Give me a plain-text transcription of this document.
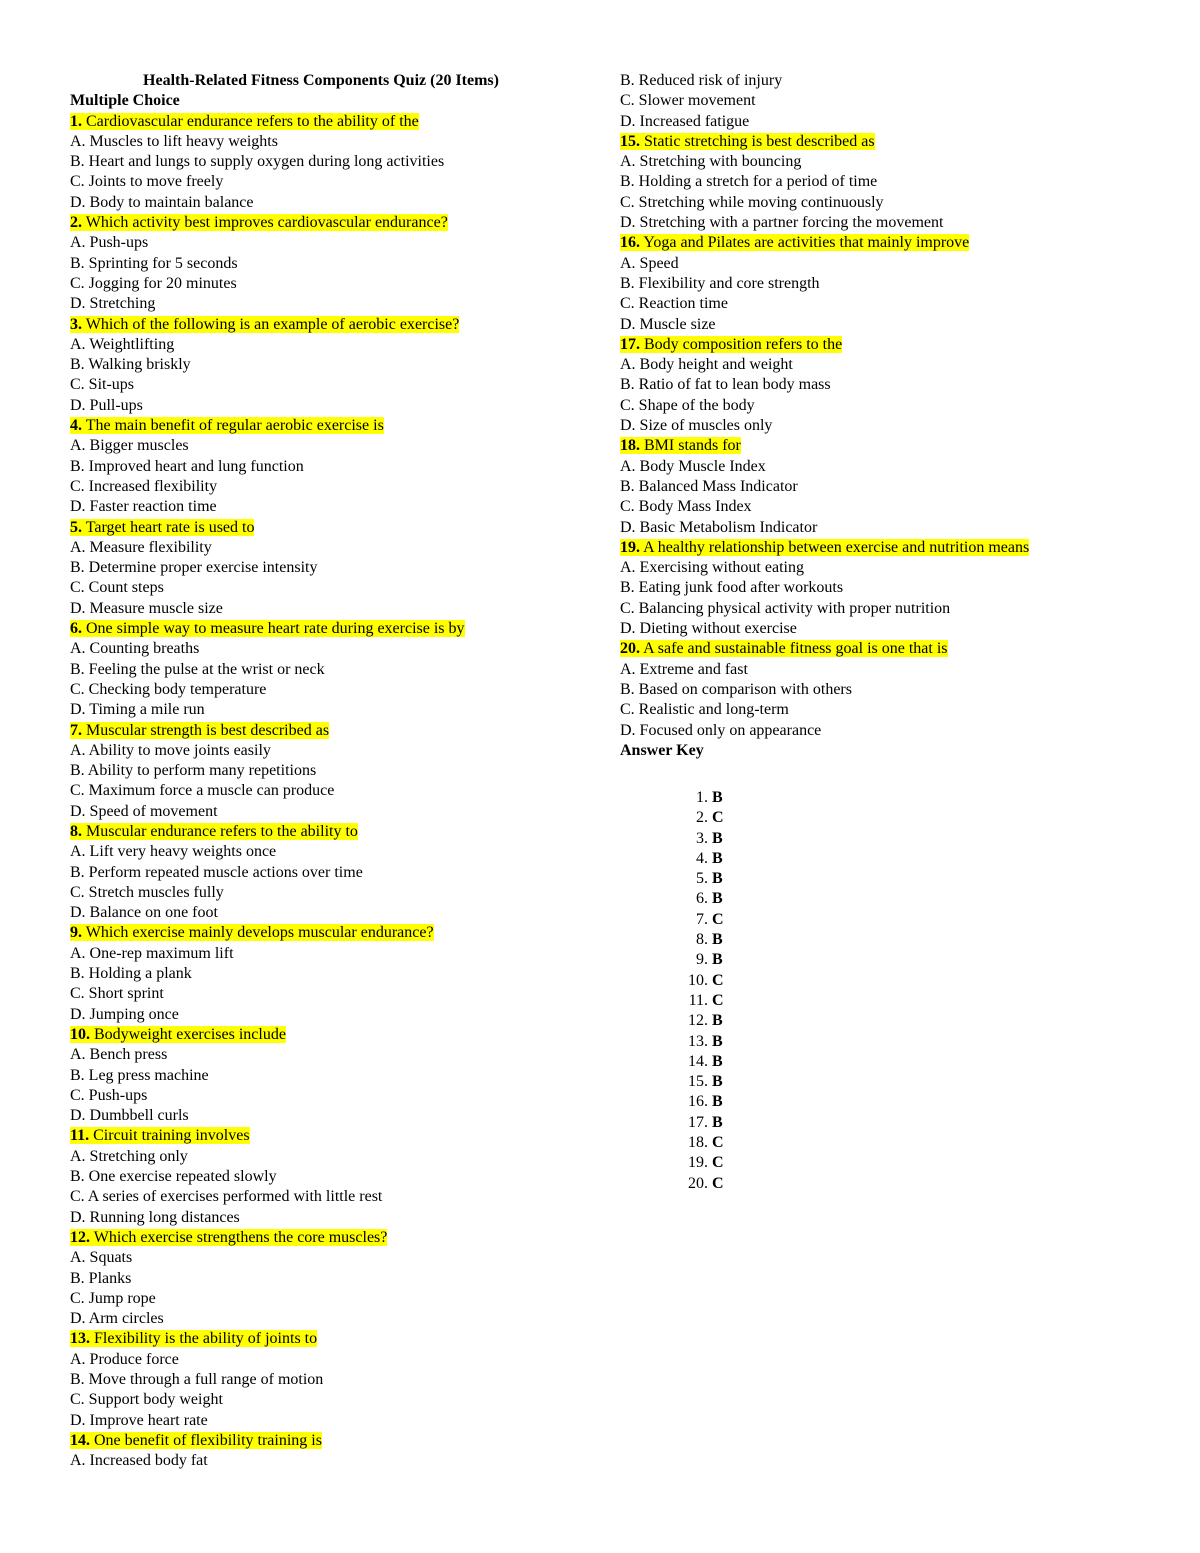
Health-Related Fitness Components Quiz (20 Items)
Multiple Choice
1. Cardiovascular endurance refers to the ability of the
A. Muscles to lift heavy weights
B. Heart and lungs to supply oxygen during long activities
C. Joints to move freely
D. Body to maintain balance
2. Which activity best improves cardiovascular endurance?
A. Push-ups
B. Sprinting for 5 seconds
C. Jogging for 20 minutes
D. Stretching
3. Which of the following is an example of aerobic exercise?
A. Weightlifting
B. Walking briskly
C. Sit-ups
D. Pull-ups
4. The main benefit of regular aerobic exercise is
A. Bigger muscles
B. Improved heart and lung function
C. Increased flexibility
D. Faster reaction time
5. Target heart rate is used to
A. Measure flexibility
B. Determine proper exercise intensity
C. Count steps
D. Measure muscle size
6. One simple way to measure heart rate during exercise is by
A. Counting breaths
B. Feeling the pulse at the wrist or neck
C. Checking body temperature
D. Timing a mile run
7. Muscular strength is best described as
A. Ability to move joints easily
B. Ability to perform many repetitions
C. Maximum force a muscle can produce
D. Speed of movement
8. Muscular endurance refers to the ability to
A. Lift very heavy weights once
B. Perform repeated muscle actions over time
C. Stretch muscles fully
D. Balance on one foot
9. Which exercise mainly develops muscular endurance?
A. One-rep maximum lift
B. Holding a plank
C. Short sprint
D. Jumping once
10. Bodyweight exercises include
A. Bench press
B. Leg press machine
C. Push-ups
D. Dumbbell curls
11. Circuit training involves
A. Stretching only
B. One exercise repeated slowly
C. A series of exercises performed with little rest
D. Running long distances
12. Which exercise strengthens the core muscles?
A. Squats
B. Planks
C. Jump rope
D. Arm circles
13. Flexibility is the ability of joints to
A. Produce force
B. Move through a full range of motion
C. Support body weight
D. Improve heart rate
14. One benefit of flexibility training is
A. Increased body fat
B. Reduced risk of injury
C. Slower movement
D. Increased fatigue
15. Static stretching is best described as
A. Stretching with bouncing
B. Holding a stretch for a period of time
C. Stretching while moving continuously
D. Stretching with a partner forcing the movement
16. Yoga and Pilates are activities that mainly improve
A. Speed
B. Flexibility and core strength
C. Reaction time
D. Muscle size
17. Body composition refers to the
A. Body height and weight
B. Ratio of fat to lean body mass
C. Shape of the body
D. Size of muscles only
18. BMI stands for
A. Body Muscle Index
B. Balanced Mass Indicator
C. Body Mass Index
D. Basic Metabolism Indicator
19. A healthy relationship between exercise and nutrition means
A. Exercising without eating
B. Eating junk food after workouts
C. Balancing physical activity with proper nutrition
D. Dieting without exercise
20. A safe and sustainable fitness goal is one that is
A. Extreme and fast
B. Based on comparison with others
C. Realistic and long-term
D. Focused only on appearance
Answer Key
1. B
2. C
3. B
4. B
5. B
6. B
7. C
8. B
9. B
10. C
11. C
12. B
13. B
14. B
15. B
16. B
17. B
18. C
19. C
20. C
